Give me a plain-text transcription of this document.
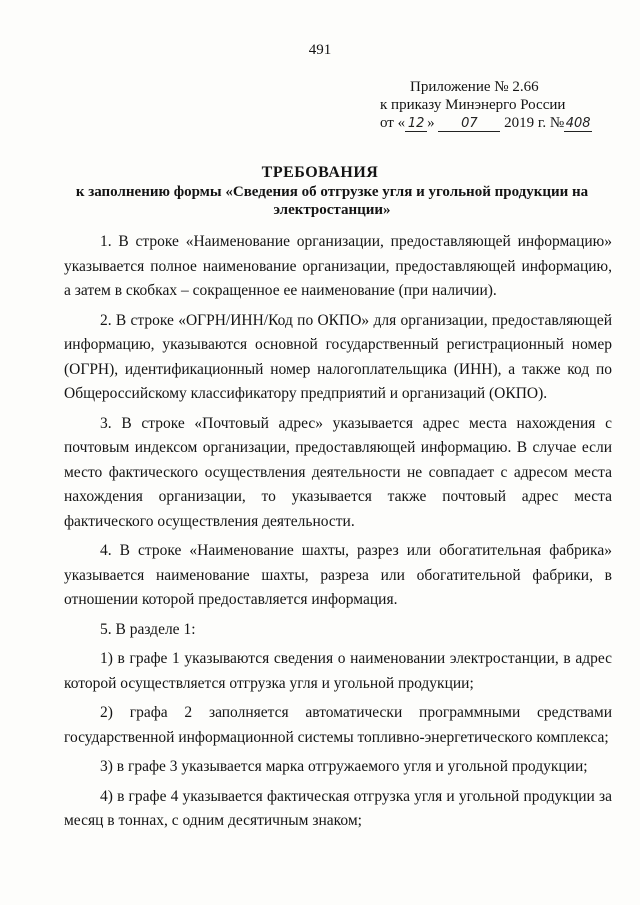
491
Приложение № 2.66
к приказу Минэнерго России
от « 12 » 07 2019 г. № 408
ТРЕБОВАНИЯ
к заполнению формы «Сведения об отгрузке угля и угольной продукции на
электростанции»

1. В строке «Наименование организации, предоставляющей информацию» указывается полное наименование организации, предоставляющей информацию, а затем в скобках – сокращенное ее наименование (при наличии).

2. В строке «ОГРН/ИНН/Код по ОКПО» для организации, предоставляющей информацию, указываются основной государственный регистрационный номер (ОГРН), идентификационный номер налогоплательщика (ИНН), а также код по Общероссийскому классификатору предприятий и организаций (ОКПО).

3. В строке «Почтовый адрес» указывается адрес места нахождения с почтовым индексом организации, предоставляющей информацию. В случае если место фактического осуществления деятельности не совпадает с адресом места нахождения организации, то указывается также почтовый адрес места фактического осуществления деятельности.

4. В строке «Наименование шахты, разрез или обогатительная фабрика» указывается наименование шахты, разреза или обогатительной фабрики, в отношении которой предоставляется информация.

5. В разделе 1:

1) в графе 1 указываются сведения о наименовании электростанции, в адрес которой осуществляется отгрузка угля и угольной продукции;

2) графа 2 заполняется автоматически программными средствами государственной информационной системы топливно-энергетического комплекса;

3) в графе 3 указывается марка отгружаемого угля и угольной продукции;

4) в графе 4 указывается фактическая отгрузка угля и угольной продукции за месяц в тоннах, с одним десятичным знаком;
